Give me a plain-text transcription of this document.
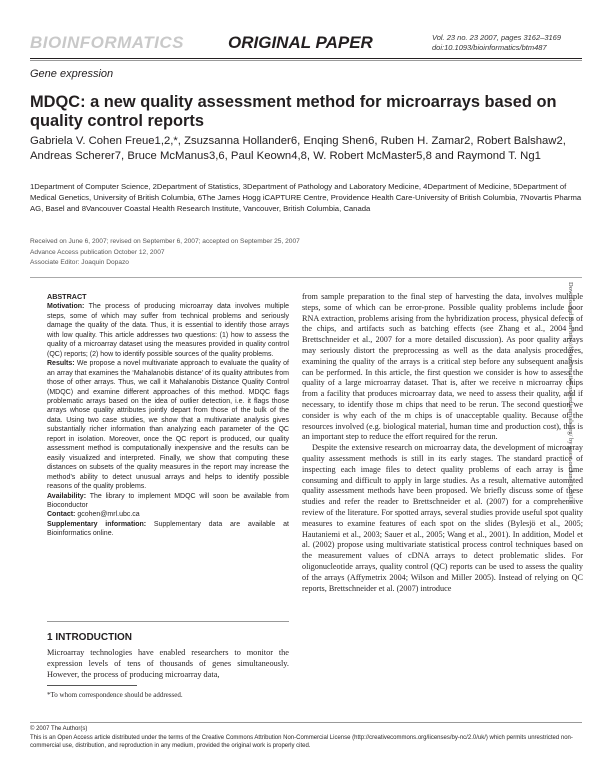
BIOINFORMATICS	ORIGINAL PAPER	Vol. 23 no. 23 2007, pages 3162–3169
doi:10.1093/bioinformatics/btm487
Gene expression
MDQC: a new quality assessment method for microarrays based on quality control reports
Gabriela V. Cohen Freue1,2,*, Zsuzsanna Hollander6, Enqing Shen6, Ruben H. Zamar2, Robert Balshaw2, Andreas Scherer7, Bruce McManus3,6, Paul Keown4,8, W. Robert McMaster5,8 and Raymond T. Ng1
1Department of Computer Science, 2Department of Statistics, 3Department of Pathology and Laboratory Medicine, 4Department of Medicine, 5Department of Medical Genetics, University of British Columbia, 6The James Hogg iCAPTURE Centre, Providence Health Care-University of British Columbia, 7Novartis Pharma AG, Basel and 8Vancouver Coastal Health Research Institute, Vancouver, British Columbia, Canada
Received on June 6, 2007; revised on September 6, 2007; accepted on September 25, 2007
Advance Access publication October 12, 2007
Associate Editor: Joaquin Dopazo
ABSTRACT

Motivation: The process of producing microarray data involves multiple steps, some of which may suffer from technical problems and seriously damage the quality of the data. Thus, it is essential to identify those arrays with low quality. This article addresses two questions: (1) how to assess the quality of a microarray dataset using the measures provided in quality control (QC) reports; (2) how to identify possible sources of the quality problems.

Results: We propose a novel multivariate approach to evaluate the quality of an array that examines the ‘Mahalanobis distance’ of its quality attributes from those of other arrays. Thus, we call it Mahalanobis Distance Quality Control (MDQC) and examine different approaches of this method. MDQC flags problematic arrays based on the idea of outlier detection, i.e. it flags those arrays whose quality attributes jointly depart from those of the bulk of the data. Using two case studies, we show that a multivariate analysis gives substantially richer information than analyzing each parameter of the QC report in isolation. Moreover, once the QC report is produced, our quality assessment method is computationally inexpensive and the results can be easily visualized and interpreted. Finally, we show that computing these distances on subsets of the quality measures in the report may increase the method’s ability to detect unusual arrays and helps to identify possible reasons of the quality problems.

Availability: The library to implement MDQC will soon be available from Bioconductor

Contact: gcohen@mrl.ubc.ca

Supplementary information: Supplementary data are available at Bioinformatics online.

1 INTRODUCTION
Microarray technologies have enabled researchers to monitor the expression levels of tens of thousands of genes simultaneously. However, the process of producing microarray data,
*To whom correspondence should be addressed.

from sample preparation to the final step of harvesting the data, involves multiple steps, some of which can be error-prone. Possible quality problems include poor RNA extraction, problems arising from the hybridization process, physical defects of the chips, and artifacts such as batching effects (see Zhang et al., 2004 and Brettschneider et al., 2007 for a more detailed discussion). As poor quality arrays may seriously distort the preprocessing as well as the data analysis procedures, examining the quality of the arrays is a critical step before any subsequent analysis can be performed. In this article, the first question we consider is how to assess the quality of a large microarray dataset. That is, after we receive n microarray chips from a facility that produces microarray data, we need to assess their quality, and if necessary, to identify those m chips that need to be rerun. The second question we consider is why each of the m chips is of unacceptable quality. Because of the resources involved (e.g. biological material, human time and production cost), this is an important step to reduce the effort required for the rerun.

Despite the extensive research on microarray data, the development of microarray quality assessment methods is still in its early stages. The standard practice of inspecting each image files to detect quality problems of each array is time consuming and difficult to apply in large studies. As a result, alternative automated quality assessment methods have been proposed. We briefly discuss some of these studies and refer the reader to Brettschneider et al. (2007) for a comprehensive review of the literature. For spotted arrays, several studies provide useful spot quality measures to examine features of each spot on the slides (Bylesjö et al., 2005; Hautaniemi et al., 2003; Sauer et al., 2005; Wang et al., 2001). In addition, Model et al. (2002) propose using multivariate statistical process control techniques based on the measurement values of cDNA arrays to detect problematic slides. For oligonucleotide arrays, quality control (QC) reports can be used to assess the quality of the arrays (Affymetrix 2004; Wilson and Miller 2005). Instead of relying on QC reports, Brettschneider et al. (2007) introduce

© 2007 The Author(s)
This is an Open Access article distributed under the terms of the Creative Commons Attribution Non-Commercial License (http://creativecommons.org/licenses/by-nc/2.0/uk/) which permits unrestricted non-commercial use, distribution, and reproduction in any medium, provided the original work is properly cited.
Downloaded from http://bioinformatics.oxfordjournals.org/ by guest on June 3, 2013
